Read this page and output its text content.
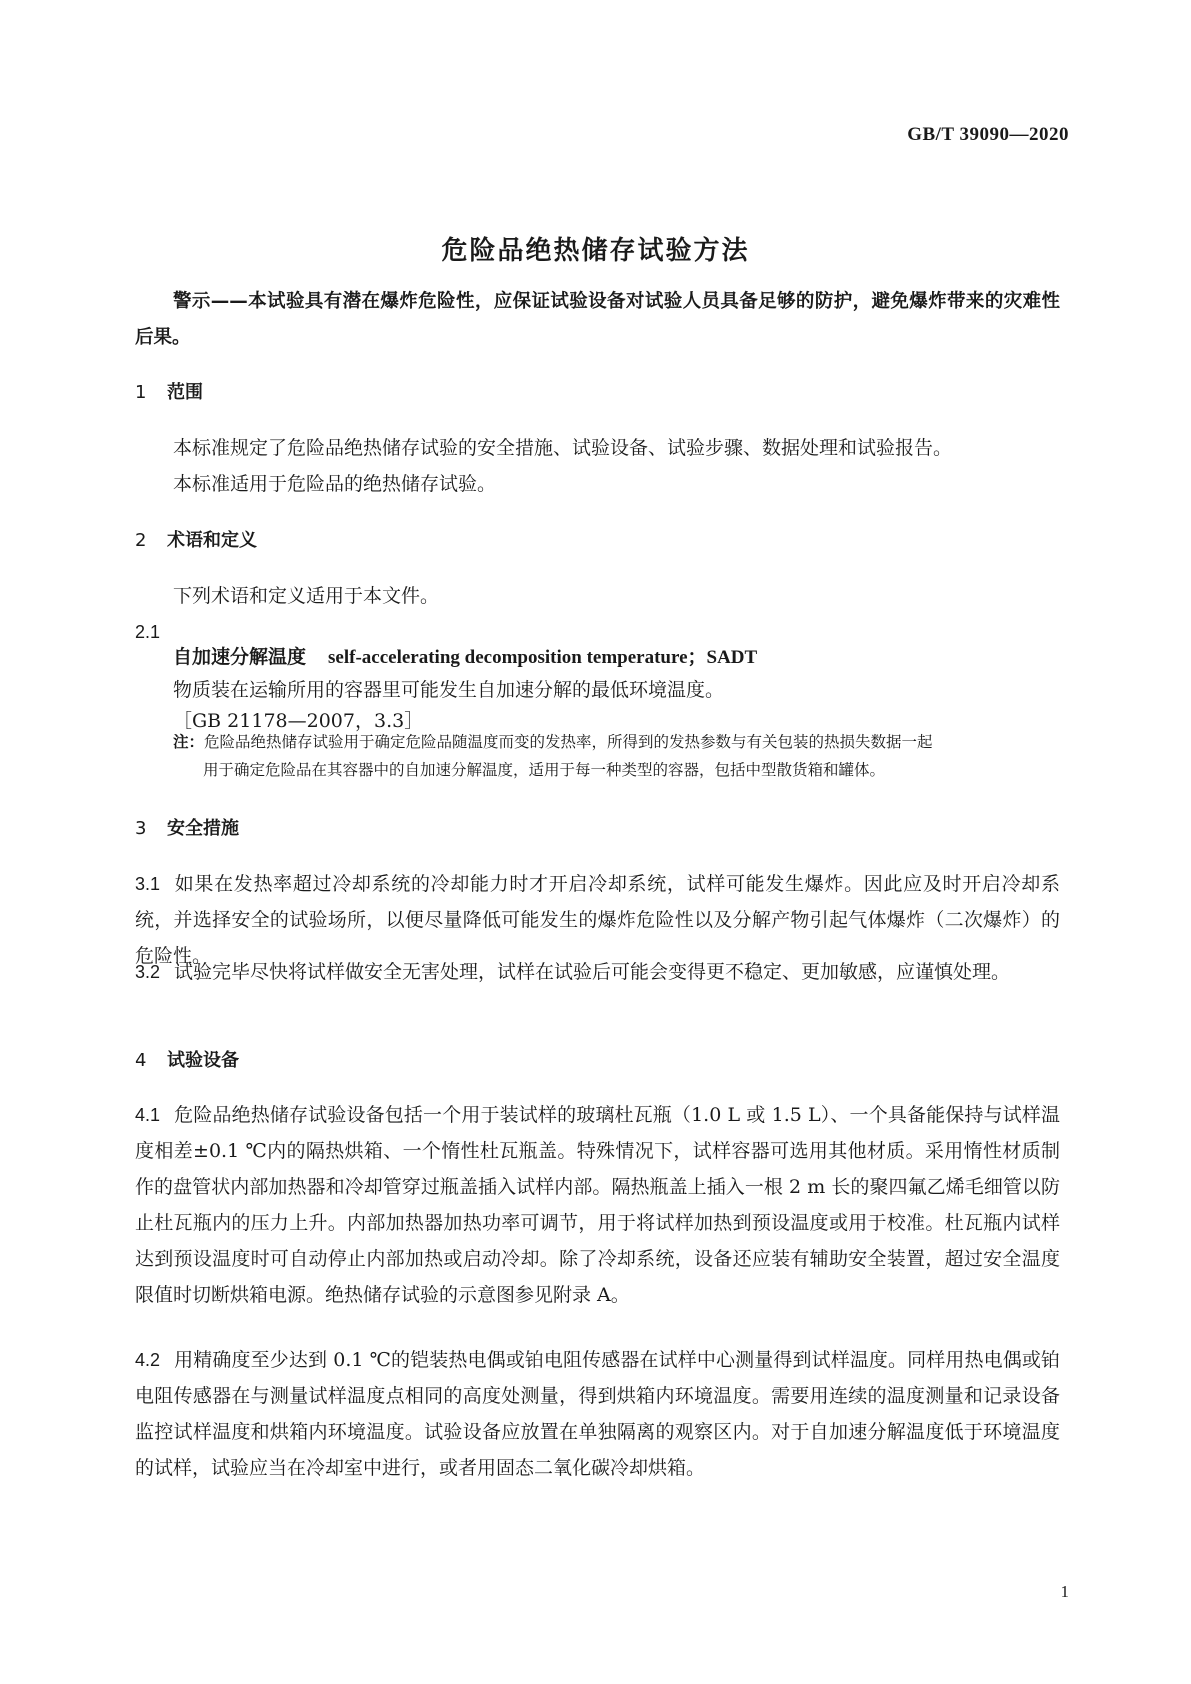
GB/T 39090—2020
危险品绝热储存试验方法

警示——本试验具有潜在爆炸危险性，应保证试验设备对试验人员具备足够的防护，避免爆炸带来的灾难性后果。

1 范围

本标准规定了危险品绝热储存试验的安全措施、试验设备、试验步骤、数据处理和试验报告。

本标准适用于危险品的绝热储存试验。

2 术语和定义

下列术语和定义适用于本文件。

2.1
自加速分解温度 self-accelerating decomposition temperature；SADT
物质装在运输所用的容器里可能发生自加速分解的最低环境温度。
［GB 21178—2007，3.3］

注：危险品绝热储存试验用于确定危险品随温度而变的发热率，所得到的发热参数与有关包装的热损失数据一起
用于确定危险品在其容器中的自加速分解温度，适用于每一种类型的容器，包括中型散货箱和罐体。

3 安全措施

3.1 如果在发热率超过冷却系统的冷却能力时才开启冷却系统，试样可能发生爆炸。因此应及时开启冷却系统，并选择安全的试验场所，以便尽量降低可能发生的爆炸危险性以及分解产物引起气体爆炸（二次爆炸）的危险性。

3.2 试验完毕尽快将试样做安全无害处理，试样在试验后可能会变得更不稳定、更加敏感，应谨慎处理。

4 试验设备

4.1 危险品绝热储存试验设备包括一个用于装试样的玻璃杜瓦瓶（1.0 L 或 1.5 L）、一个具备能保持与试样温度相差±0.1 ℃内的隔热烘箱、一个惰性杜瓦瓶盖。特殊情况下，试样容器可选用其他材质。采用惰性材质制作的盘管状内部加热器和冷却管穿过瓶盖插入试样内部。隔热瓶盖上插入一根 2 m 长的聚四氟乙烯毛细管以防止杜瓦瓶内的压力上升。内部加热器加热功率可调节，用于将试样加热到预设温度或用于校准。杜瓦瓶内试样达到预设温度时可自动停止内部加热或启动冷却。除了冷却系统，设备还应装有辅助安全装置，超过安全温度限值时切断烘箱电源。绝热储存试验的示意图参见附录 A。

4.2 用精确度至少达到 0.1 ℃的铠装热电偶或铂电阻传感器在试样中心测量得到试样温度。同样用热电偶或铂电阻传感器在与测量试样温度点相同的高度处测量，得到烘箱内环境温度。需要用连续的温度测量和记录设备监控试样温度和烘箱内环境温度。试验设备应放置在单独隔离的观察区内。对于自加速分解温度低于环境温度的试样，试验应当在冷却室中进行，或者用固态二氧化碳冷却烘箱。

1
